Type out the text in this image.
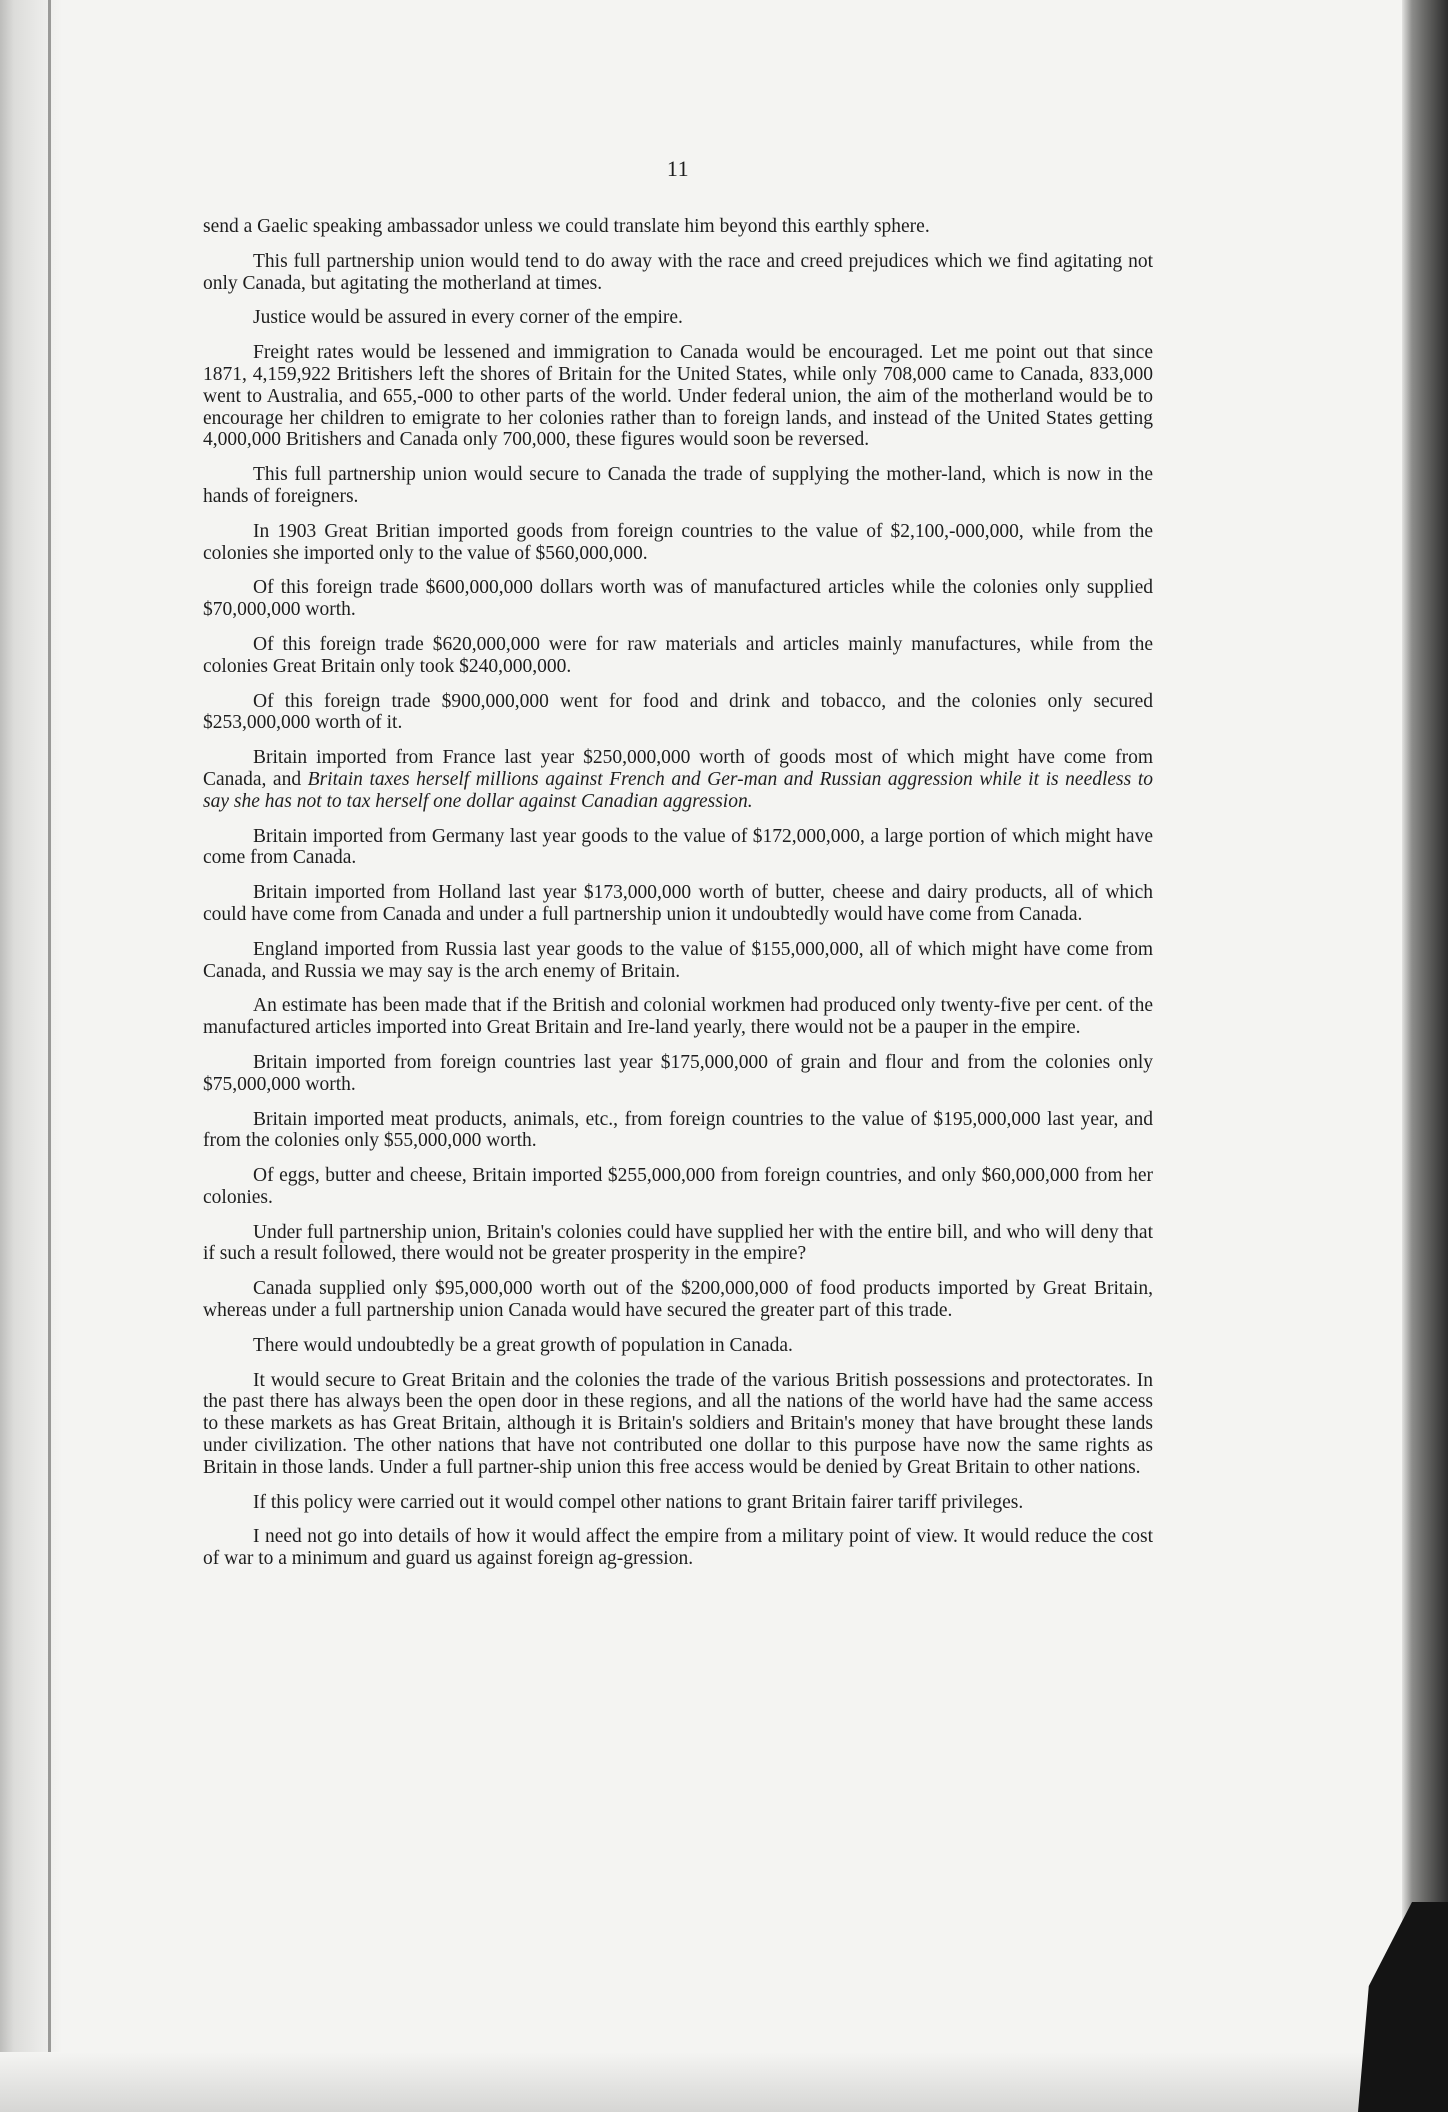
11

send a Gaelic speaking ambassador unless we could translate him beyond this earthly sphere.

This full partnership union would tend to do away with the race and creed prejudices which we find agitating not only Canada, but agitating the motherland at times.

Justice would be assured in every corner of the empire.

Freight rates would be lessened and immigration to Canada would be encouraged. Let me point out that since 1871, 4,159,922 Britishers left the shores of Britain for the United States, while only 708,000 came to Canada, 833,000 went to Australia, and 655,-000 to other parts of the world. Under federal union, the aim of the motherland would be to encourage her children to emigrate to her colonies rather than to foreign lands, and instead of the United States getting 4,000,000 Britishers and Canada only 700,000, these figures would soon be reversed.

This full partnership union would secure to Canada the trade of supplying the mother-land, which is now in the hands of foreigners.

In 1903 Great Britian imported goods from foreign countries to the value of $2,100,-000,000, while from the colonies she imported only to the value of $560,000,000.

Of this foreign trade $600,000,000 dollars worth was of manufactured articles while the colonies only supplied $70,000,000 worth.

Of this foreign trade $620,000,000 were for raw materials and articles mainly manufactures, while from the colonies Great Britain only took $240,000,000.

Of this foreign trade $900,000,000 went for food and drink and tobacco, and the colonies only secured $253,000,000 worth of it.

Britain imported from France last year $250,000,000 worth of goods most of which might have come from Canada, and Britain taxes herself millions against French and Ger-man and Russian aggression while it is needless to say she has not to tax herself one dollar against Canadian aggression.

Britain imported from Germany last year goods to the value of $172,000,000, a large portion of which might have come from Canada.

Britain imported from Holland last year $173,000,000 worth of butter, cheese and dairy products, all of which could have come from Canada and under a full partnership union it undoubtedly would have come from Canada.

England imported from Russia last year goods to the value of $155,000,000, all of which might have come from Canada, and Russia we may say is the arch enemy of Britain.

An estimate has been made that if the British and colonial workmen had produced only twenty-five per cent. of the manufactured articles imported into Great Britain and Ire-land yearly, there would not be a pauper in the empire.

Britain imported from foreign countries last year $175,000,000 of grain and flour and from the colonies only $75,000,000 worth.

Britain imported meat products, animals, etc., from foreign countries to the value of $195,000,000 last year, and from the colonies only $55,000,000 worth.

Of eggs, butter and cheese, Britain imported $255,000,000 from foreign countries, and only $60,000,000 from her colonies.

Under full partnership union, Britain's colonies could have supplied her with the entire bill, and who will deny that if such a result followed, there would not be greater prosperity in the empire?

Canada supplied only $95,000,000 worth out of the $200,000,000 of food products imported by Great Britain, whereas under a full partnership union Canada would have secured the greater part of this trade.

There would undoubtedly be a great growth of population in Canada.

It would secure to Great Britain and the colonies the trade of the various British possessions and protectorates. In the past there has always been the open door in these regions, and all the nations of the world have had the same access to these markets as has Great Britain, although it is Britain's soldiers and Britain's money that have brought these lands under civilization. The other nations that have not contributed one dollar to this purpose have now the same rights as Britain in those lands. Under a full partner-ship union this free access would be denied by Great Britain to other nations.

If this policy were carried out it would compel other nations to grant Britain fairer tariff privileges.

I need not go into details of how it would affect the empire from a military point of view. It would reduce the cost of war to a minimum and guard us against foreign ag-gression.
